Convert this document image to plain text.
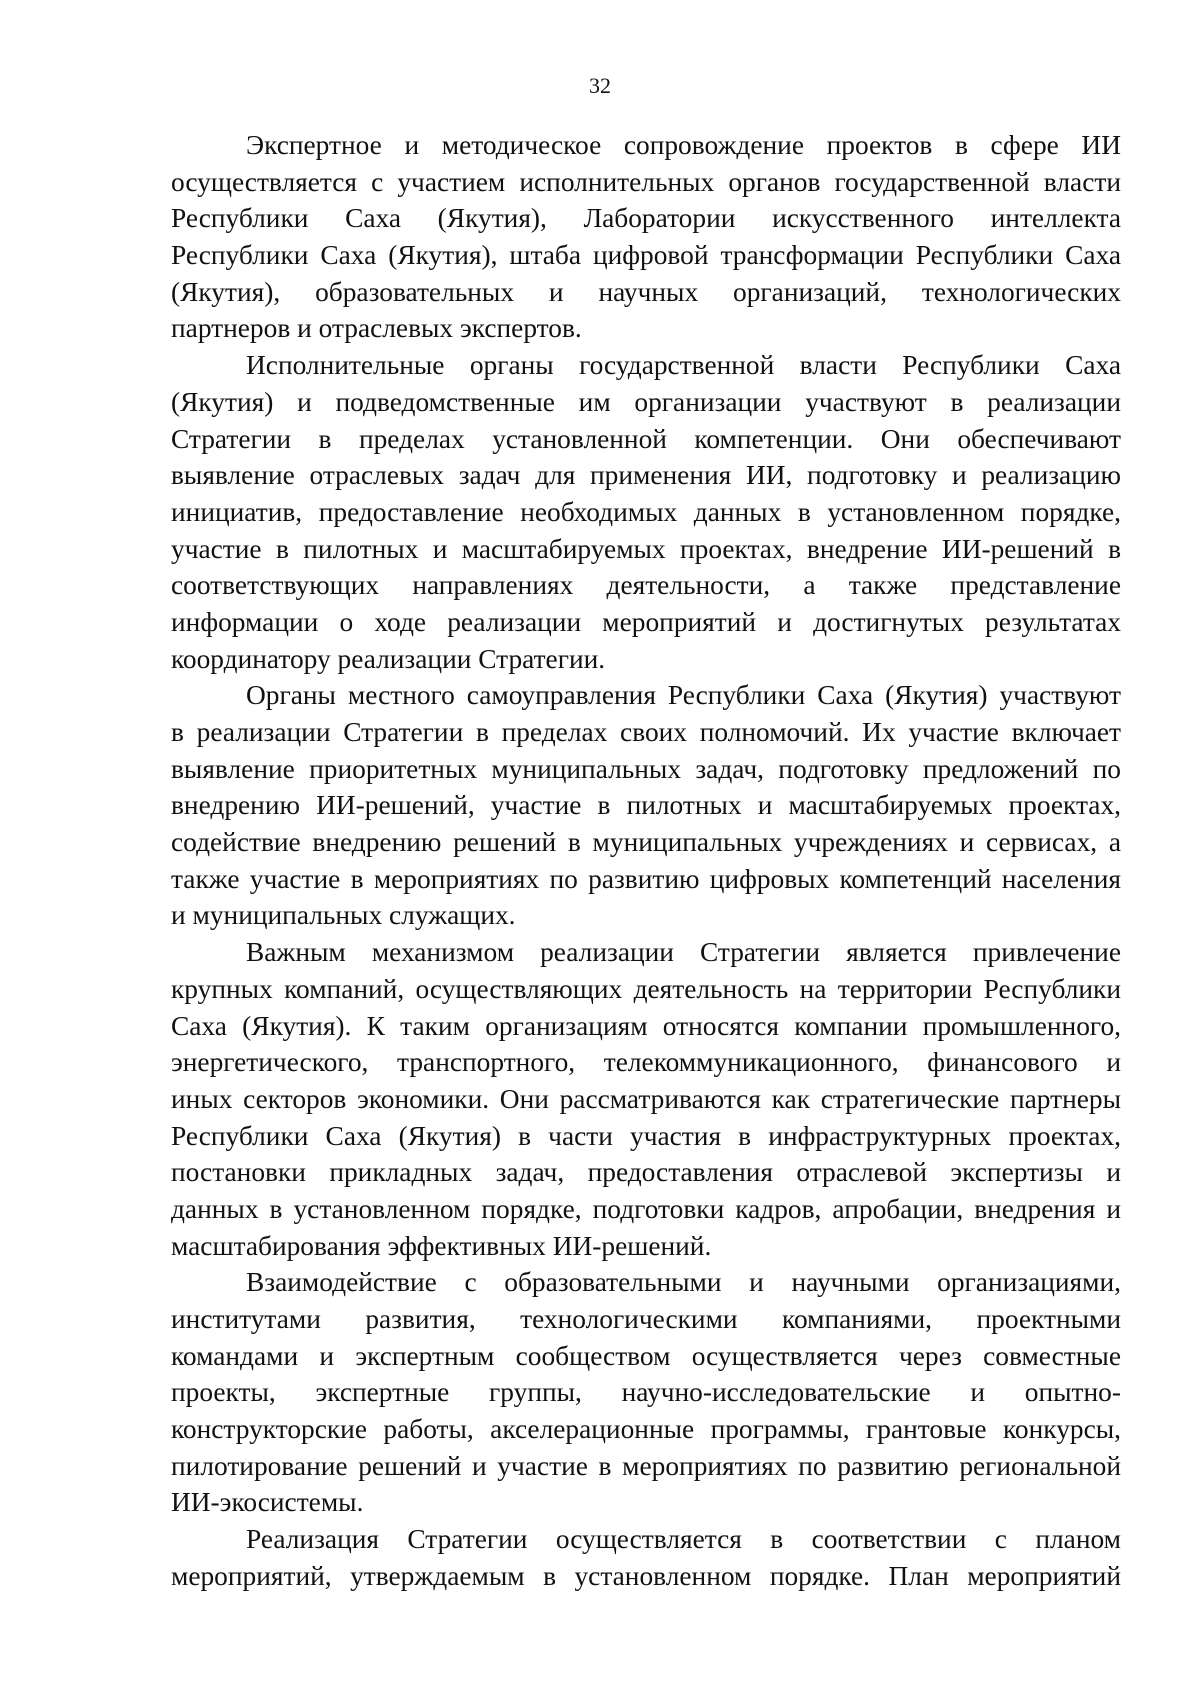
32
Экспертное и методическое сопровождение проектов в сфере ИИ
осуществляется с участием исполнительных органов государственной власти
Республики Саха (Якутия), Лаборатории искусственного интеллекта
Республики Саха (Якутия), штаба цифровой трансформации Республики Саха
(Якутия), образовательных и научных организаций, технологических
партнеров и отраслевых экспертов.
Исполнительные органы государственной власти Республики Саха
(Якутия) и подведомственные им организации участвуют в реализации
Стратегии в пределах установленной компетенции. Они обеспечивают
выявление отраслевых задач для применения ИИ, подготовку и реализацию
инициатив, предоставление необходимых данных в установленном порядке,
участие в пилотных и масштабируемых проектах, внедрение ИИ-решений в
соответствующих направлениях деятельности, а также представление
информации о ходе реализации мероприятий и достигнутых результатах
координатору реализации Стратегии.
Органы местного самоуправления Республики Саха (Якутия) участвуют
в реализации Стратегии в пределах своих полномочий. Их участие включает
выявление приоритетных муниципальных задач, подготовку предложений по
внедрению ИИ-решений, участие в пилотных и масштабируемых проектах,
содействие внедрению решений в муниципальных учреждениях и сервисах, а
также участие в мероприятиях по развитию цифровых компетенций населения
и муниципальных служащих.
Важным механизмом реализации Стратегии является привлечение
крупных компаний, осуществляющих деятельность на территории Республики
Саха (Якутия). К таким организациям относятся компании промышленного,
энергетического, транспортного, телекоммуникационного, финансового и
иных секторов экономики. Они рассматриваются как стратегические партнеры
Республики Саха (Якутия) в части участия в инфраструктурных проектах,
постановки прикладных задач, предоставления отраслевой экспертизы и
данных в установленном порядке, подготовки кадров, апробации, внедрения и
масштабирования эффективных ИИ-решений.
Взаимодействие с образовательными и научными организациями,
институтами развития, технологическими компаниями, проектными
командами и экспертным сообществом осуществляется через совместные
проекты, экспертные группы, научно-исследовательские и опытно-
конструкторские работы, акселерационные программы, грантовые конкурсы,
пилотирование решений и участие в мероприятиях по развитию региональной
ИИ-экосистемы.
Реализация Стратегии осуществляется в соответствии с планом
мероприятий, утверждаемым в установленном порядке. План мероприятий
